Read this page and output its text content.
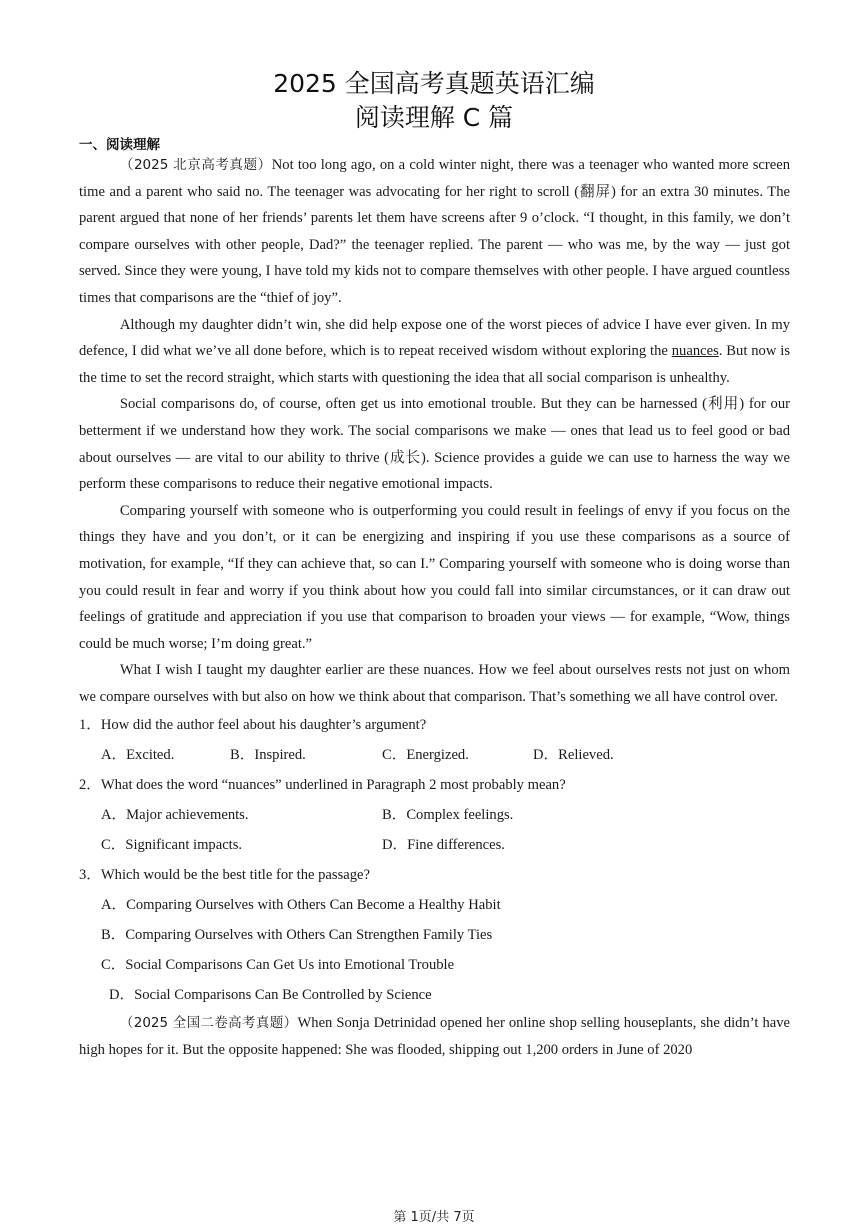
2025 全国高考真题英语汇编
阅读理解 C 篇
一、阅读理解

（2025 北京高考真题）Not too long ago, on a cold winter night, there was a teenager who wanted more screen time and a parent who said no. The teenager was advocating for her right to scroll (翻屏) for an extra 30 minutes. The parent argued that none of her friends’ parents let them have screens after 9 o’clock. “I thought, in this family, we don’t compare ourselves with other people, Dad?” the teenager replied. The parent — who was me, by the way — just got served. Since they were young, I have told my kids not to compare themselves with other people. I have argued countless times that comparisons are the “thief of joy”.

Although my daughter didn’t win, she did help expose one of the worst pieces of advice I have ever given. In my defence, I did what we’ve all done before, which is to repeat received wisdom without exploring the nuances. But now is the time to set the record straight, which starts with questioning the idea that all social comparison is unhealthy.

Social comparisons do, of course, often get us into emotional trouble. But they can be harnessed (利用) for our betterment if we understand how they work. The social comparisons we make — ones that lead us to feel good or bad about ourselves — are vital to our ability to thrive (成长). Science provides a guide we can use to harness the way we perform these comparisons to reduce their negative emotional impacts.

Comparing yourself with someone who is outperforming you could result in feelings of envy if you focus on the things they have and you don’t, or it can be energizing and inspiring if you use these comparisons as a source of motivation, for example, “If they can achieve that, so can I.” Comparing yourself with someone who is doing worse than you could result in fear and worry if you think about how you could fall into similar circumstances, or it can draw out feelings of gratitude and appreciation if you use that comparison to broaden your views — for example, “Wow, things could be much worse; I’m doing great.”

What I wish I taught my daughter earlier are these nuances. How we feel about ourselves rests not just on whom we compare ourselves with but also on how we think about that comparison. That’s something we all have control over.

1．How did the author feel about his daughter’s argument?
A．Excited.	B．Inspired.	C．Energized.	D．Relieved.
2．What does the word “nuances” underlined in Paragraph 2 most probably mean?
A．Major achievements.	B．Complex feelings.
C．Significant impacts.	D．Fine differences.
3．Which would be the best title for the passage?
A．Comparing Ourselves with Others Can Become a Healthy Habit
B．Comparing Ourselves with Others Can Strengthen Family Ties
C．Social Comparisons Can Get Us into Emotional Trouble
D．Social Comparisons Can Be Controlled by Science

（2025 全国二卷高考真题）When Sonja Detrinidad opened her online shop selling houseplants, she didn’t have high hopes for it. But the opposite happened: She was flooded, shipping out 1,200 orders in June of 2020

第 1页/共 7页
